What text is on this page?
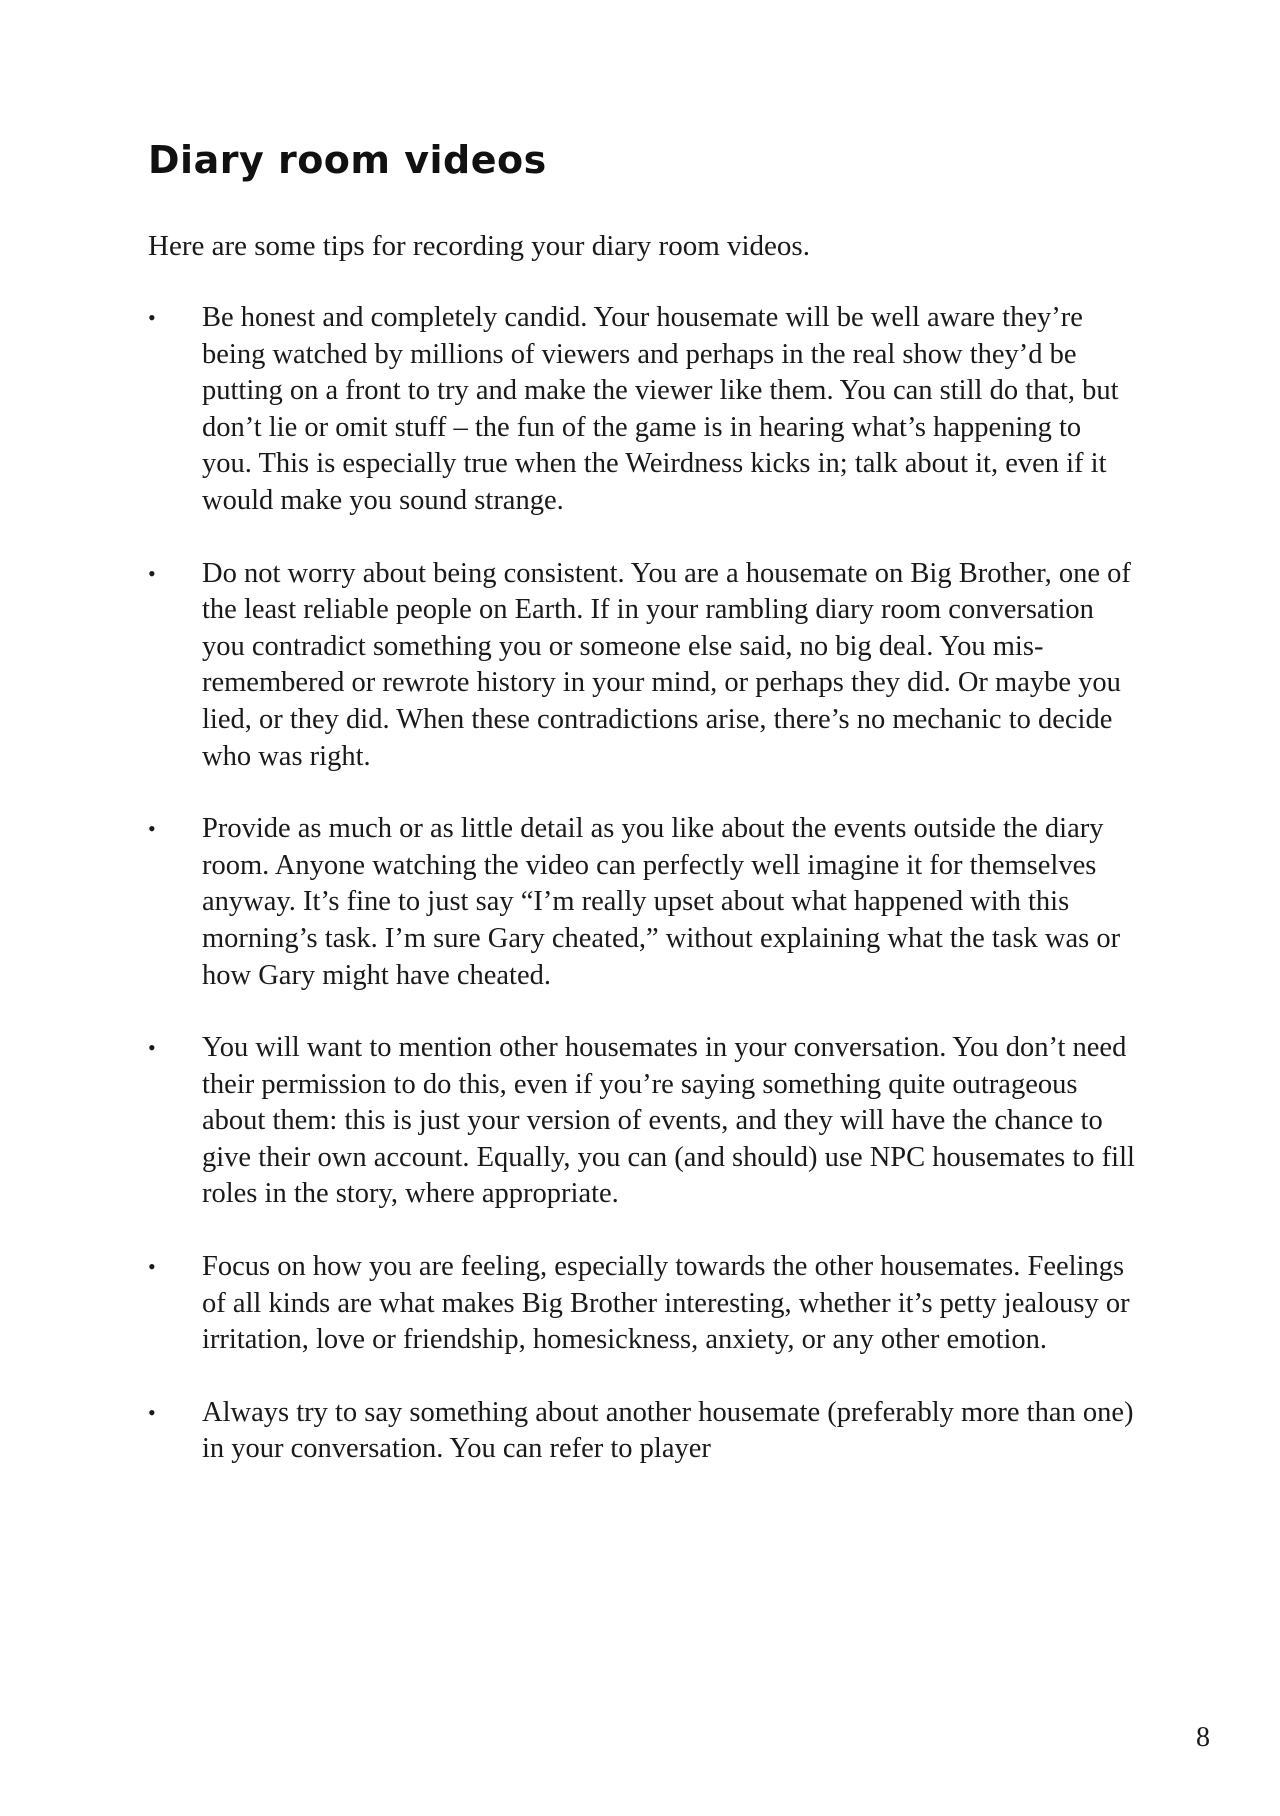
Diary room videos

Here are some tips for recording your diary room videos.

•	Be honest and completely candid. Your housemate will be well aware they’re being watched by millions of viewers and perhaps in the real show they’d be putting on a front to try and make the viewer like them. You can still do that, but don’t lie or omit stuff – the fun of the game is in hearing what’s happening to you. This is especially true when the Weirdness kicks in; talk about it, even if it would make you sound strange.
•	Do not worry about being consistent. You are a housemate on Big Brother, one of the least reliable people on Earth. If in your rambling diary room conversation you contradict something you or someone else said, no big deal. You mis-remembered or rewrote history in your mind, or perhaps they did. Or maybe you lied, or they did. When these contradictions arise, there’s no mechanic to decide who was right.
•	Provide as much or as little detail as you like about the events outside the diary room. Anyone watching the video can perfectly well imagine it for themselves anyway. It’s fine to just say “I’m really upset about what happened with this morning’s task. I’m sure Gary cheated,” without explaining what the task was or how Gary might have cheated.
•	You will want to mention other housemates in your conversation. You don’t need their permission to do this, even if you’re saying something quite outrageous about them: this is just your version of events, and they will have the chance to give their own account. Equally, you can (and should) use NPC housemates to fill roles in the story, where appropriate.
•	Focus on how you are feeling, especially towards the other housemates. Feelings of all kinds are what makes Big Brother interesting, whether it’s petty jealousy or irritation, love or friendship, homesickness, anxiety, or any other emotion.
•	Always try to say something about another housemate (preferably more than one) in your conversation. You can refer to player
8
